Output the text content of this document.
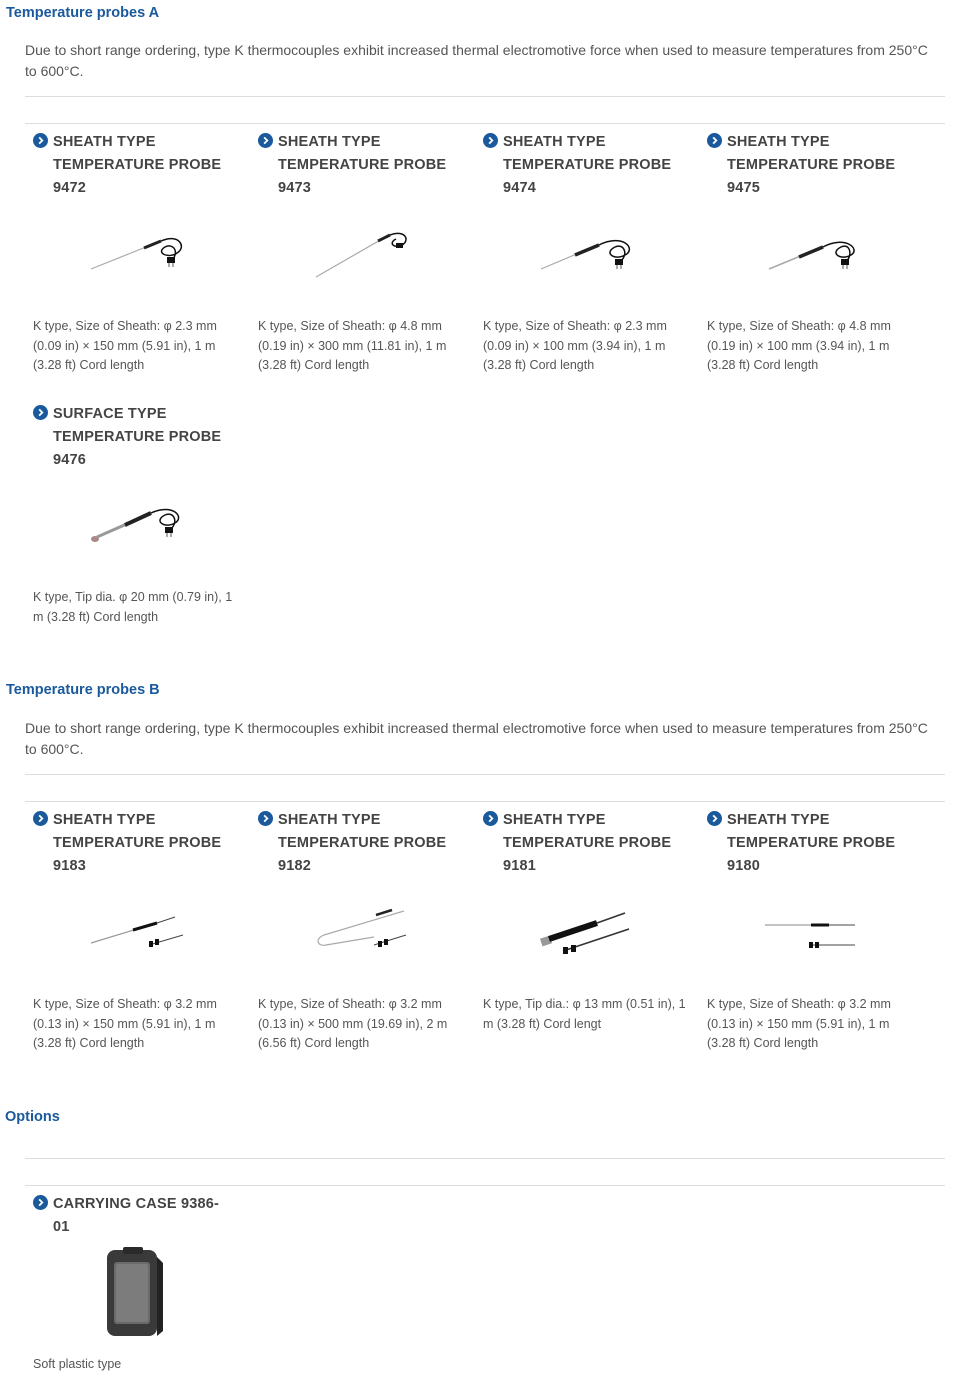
Temperature probes A
Due to short range ordering, type K thermocouples exhibit increased thermal electromotive force when used to measure temperatures from 250°C to 600°C.
SHEATH TYPE TEMPERATURE PROBE 9472
K type, Size of Sheath: φ 2.3 mm (0.09 in) × 150 mm (5.91 in), 1 m (3.28 ft) Cord length
SHEATH TYPE TEMPERATURE PROBE 9473
K type, Size of Sheath: φ 4.8 mm (0.19 in) × 300 mm (11.81 in), 1 m (3.28 ft) Cord length
SHEATH TYPE TEMPERATURE PROBE 9474
K type, Size of Sheath: φ 2.3 mm (0.09 in) × 100 mm (3.94 in), 1 m (3.28 ft) Cord length
SHEATH TYPE TEMPERATURE PROBE 9475
K type, Size of Sheath: φ 4.8 mm (0.19 in) × 100 mm (3.94 in), 1 m (3.28 ft) Cord length
SURFACE TYPE TEMPERATURE PROBE 9476
K type, Tip dia. φ 20 mm (0.79 in), 1 m (3.28 ft) Cord length
Temperature probes B
Due to short range ordering, type K thermocouples exhibit increased thermal electromotive force when used to measure temperatures from 250°C to 600°C.
SHEATH TYPE TEMPERATURE PROBE 9183
K type, Size of Sheath: φ 3.2 mm (0.13 in) × 150 mm (5.91 in), 1 m (3.28 ft) Cord length
SHEATH TYPE TEMPERATURE PROBE 9182
K type, Size of Sheath: φ 3.2 mm (0.13 in) × 500 mm (19.69 in), 2 m (6.56 ft) Cord length
SHEATH TYPE TEMPERATURE PROBE 9181
K type, Tip dia.: φ 13 mm (0.51 in), 1 m (3.28 ft) Cord lengt
SHEATH TYPE TEMPERATURE PROBE 9180
K type, Size of Sheath: φ 3.2 mm (0.13 in) × 150 mm (5.91 in), 1 m (3.28 ft) Cord length
Options
CARRYING CASE 9386-01
Soft plastic type
